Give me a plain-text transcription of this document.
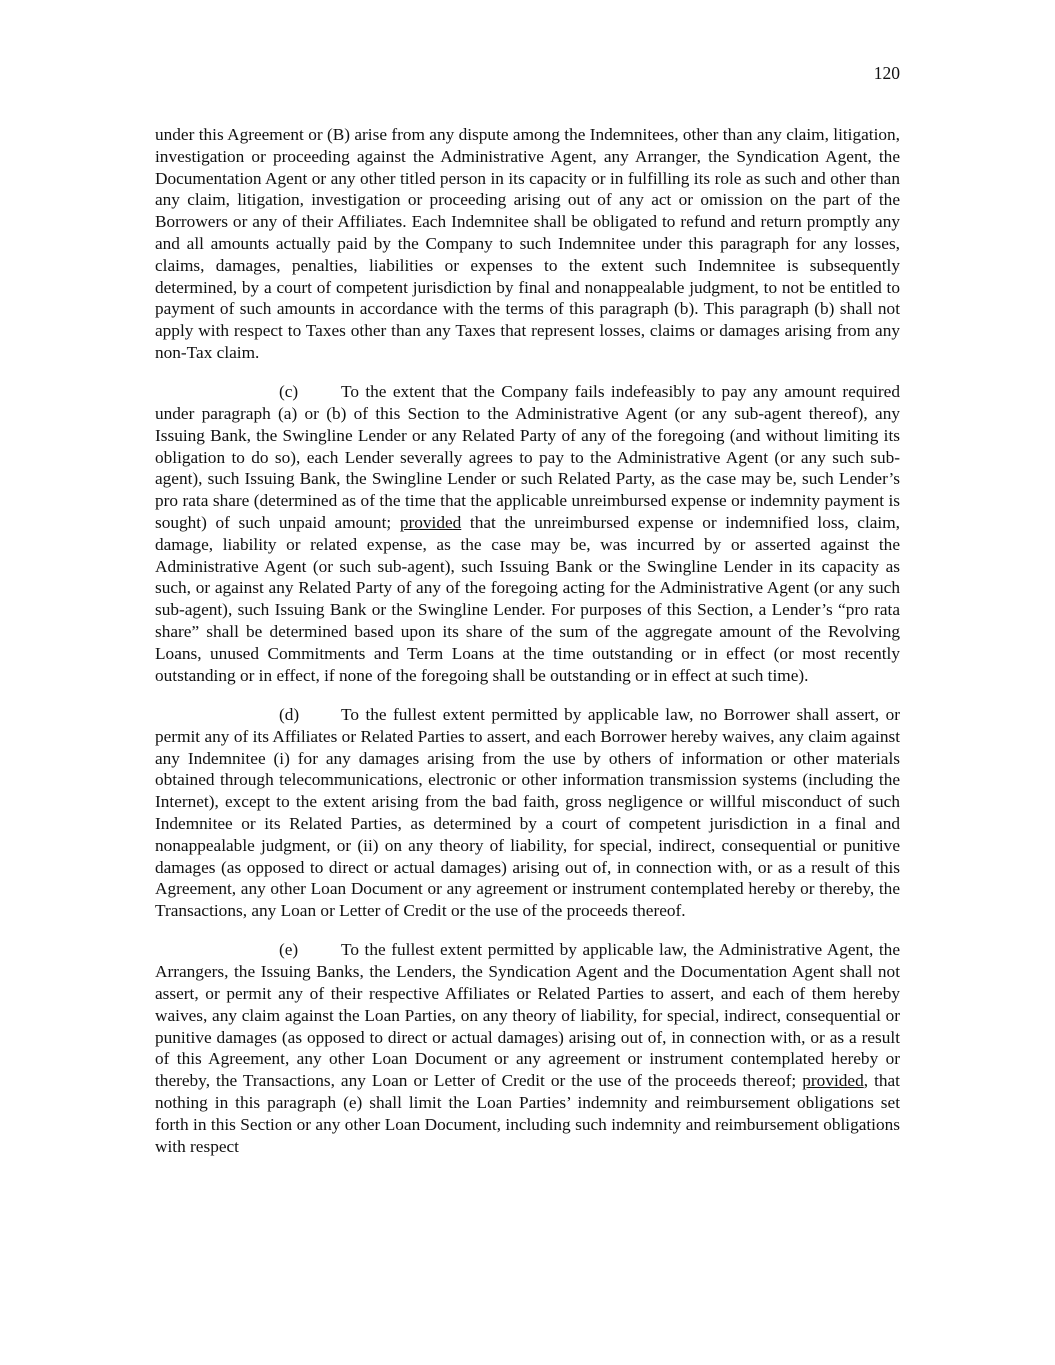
120

under this Agreement or (B) arise from any dispute among the Indemnitees, other than any claim, litigation, investigation or proceeding against the Administrative Agent, any Arranger, the Syndication Agent, the Documentation Agent or any other titled person in its capacity or in fulfilling its role as such and other than any claim, litigation, investigation or proceeding arising out of any act or omission on the part of the Borrowers or any of their Affiliates. Each Indemnitee shall be obligated to refund and return promptly any and all amounts actually paid by the Company to such Indemnitee under this paragraph for any losses, claims, damages, penalties, liabilities or expenses to the extent such Indemnitee is subsequently determined, by a court of competent jurisdiction by final and nonappealable judgment, to not be entitled to payment of such amounts in accordance with the terms of this paragraph (b). This paragraph (b) shall not apply with respect to Taxes other than any Taxes that represent losses, claims or damages arising from any non-Tax claim.

(c) To the extent that the Company fails indefeasibly to pay any amount required under paragraph (a) or (b) of this Section to the Administrative Agent (or any sub-agent thereof), any Issuing Bank, the Swingline Lender or any Related Party of any of the foregoing (and without limiting its obligation to do so), each Lender severally agrees to pay to the Administrative Agent (or any such sub-agent), such Issuing Bank, the Swingline Lender or such Related Party, as the case may be, such Lender’s pro rata share (determined as of the time that the applicable unreimbursed expense or indemnity payment is sought) of such unpaid amount; provided that the unreimbursed expense or indemnified loss, claim, damage, liability or related expense, as the case may be, was incurred by or asserted against the Administrative Agent (or such sub-agent), such Issuing Bank or the Swingline Lender in its capacity as such, or against any Related Party of any of the foregoing acting for the Administrative Agent (or any such sub-agent), such Issuing Bank or the Swingline Lender. For purposes of this Section, a Lender’s “pro rata share” shall be determined based upon its share of the sum of the aggregate amount of the Revolving Loans, unused Commitments and Term Loans at the time outstanding or in effect (or most recently outstanding or in effect, if none of the foregoing shall be outstanding or in effect at such time).

(d) To the fullest extent permitted by applicable law, no Borrower shall assert, or permit any of its Affiliates or Related Parties to assert, and each Borrower hereby waives, any claim against any Indemnitee (i) for any damages arising from the use by others of information or other materials obtained through telecommunications, electronic or other information transmission systems (including the Internet), except to the extent arising from the bad faith, gross negligence or willful misconduct of such Indemnitee or its Related Parties, as determined by a court of competent jurisdiction in a final and nonappealable judgment, or (ii) on any theory of liability, for special, indirect, consequential or punitive damages (as opposed to direct or actual damages) arising out of, in connection with, or as a result of this Agreement, any other Loan Document or any agreement or instrument contemplated hereby or thereby, the Transactions, any Loan or Letter of Credit or the use of the proceeds thereof.

(e) To the fullest extent permitted by applicable law, the Administrative Agent, the Arrangers, the Issuing Banks, the Lenders, the Syndication Agent and the Documentation Agent shall not assert, or permit any of their respective Affiliates or Related Parties to assert, and each of them hereby waives, any claim against the Loan Parties, on any theory of liability, for special, indirect, consequential or punitive damages (as opposed to direct or actual damages) arising out of, in connection with, or as a result of this Agreement, any other Loan Document or any agreement or instrument contemplated hereby or thereby, the Transactions, any Loan or Letter of Credit or the use of the proceeds thereof; provided, that nothing in this paragraph (e) shall limit the Loan Parties’ indemnity and reimbursement obligations set forth in this Section or any other Loan Document, including such indemnity and reimbursement obligations with respect
